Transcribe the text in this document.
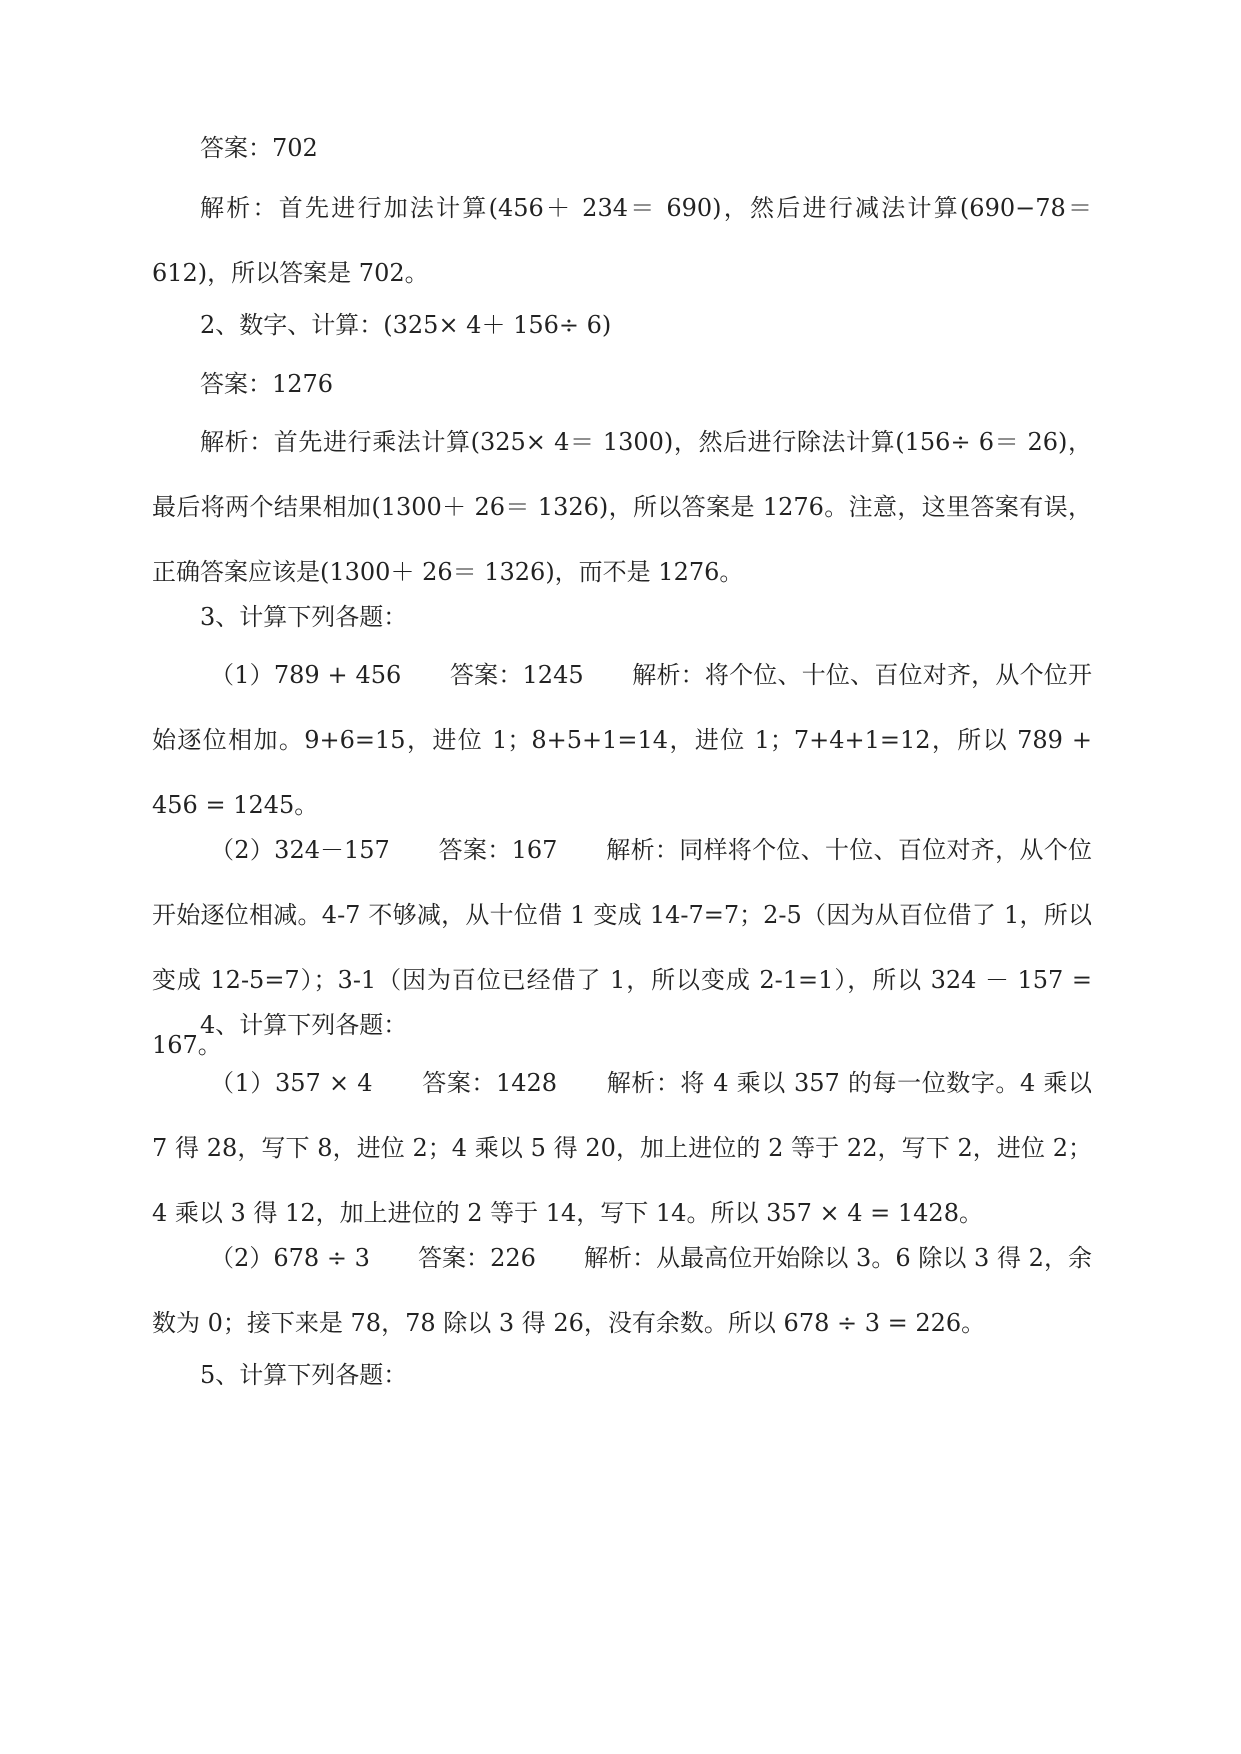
答案：702

解析：首先进行加法计算(456＋ 234＝ 690)，然后进行减法计算(690−78＝ 612)，所以答案是 702。

2、数字、计算：(325× 4＋ 156÷ 6)

答案：1276

解析：首先进行乘法计算(325× 4＝ 1300)，然后进行除法计算(156÷ 6＝ 26)，最后将两个结果相加(1300＋ 26＝ 1326)，所以答案是 1276。注意，这里答案有误，正确答案应该是(1300＋ 26＝ 1326)，而不是 1276。

3、计算下列各题：

（1）789 + 456　　答案：1245　　解析：将个位、十位、百位对齐，从个位开始逐位相加。9+6=15，进位 1；8+5+1=14，进位 1；7+4+1=12，所以 789 + 456 = 1245。

（2）324－157　　答案：167　　解析：同样将个位、十位、百位对齐，从个位开始逐位相减。4-7 不够减，从十位借 1 变成 14-7=7；2-5（因为从百位借了 1，所以变成 12-5=7）；3-1（因为百位已经借了 1，所以变成 2-1=1），所以 324 － 157 = 167。

4、计算下列各题：

（1）357 × 4　　答案：1428　　解析：将 4 乘以 357 的每一位数字。4 乘以 7 得 28，写下 8，进位 2；4 乘以 5 得 20，加上进位的 2 等于 22，写下 2，进位 2；4 乘以 3 得 12，加上进位的 2 等于 14，写下 14。所以 357 × 4 = 1428。

（2）678 ÷ 3　　答案：226　　解析：从最高位开始除以 3。6 除以 3 得 2，余数为 0；接下来是 78，78 除以 3 得 26，没有余数。所以 678 ÷ 3 = 226。

5、计算下列各题：
